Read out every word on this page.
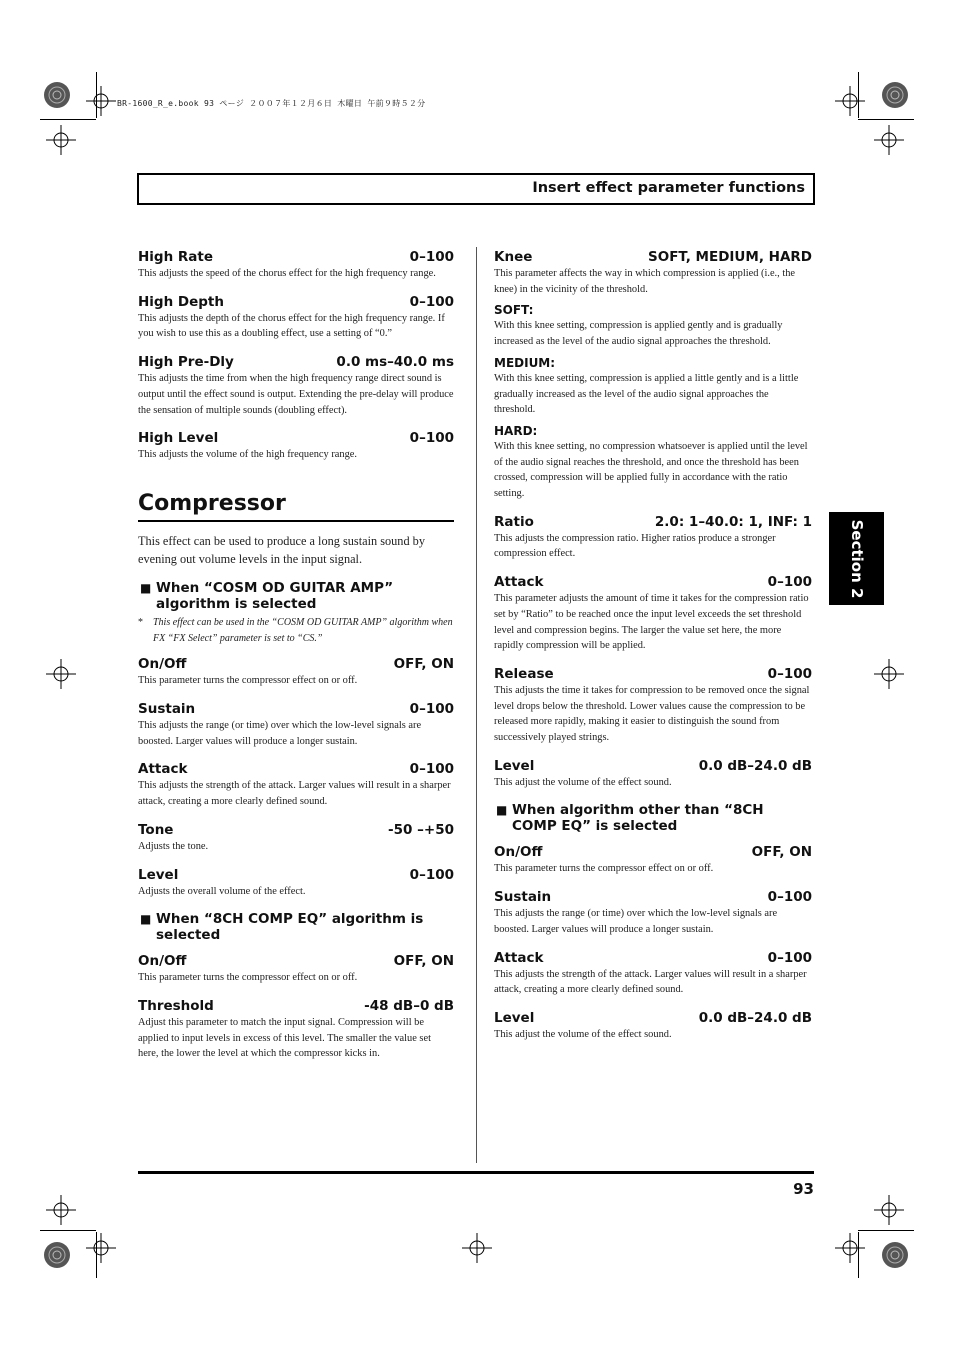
BR-1600_R_e.book 93 ページ ２００７年１２月６日 木曜日 午前９時５２分
Insert effect parameter functions
High Rate	0–100

This adjusts the speed of the chorus effect for the high frequency range.

High Depth	0–100

This adjusts the depth of the chorus effect for the high frequency range. If you wish to use this as a doubling effect, use a setting of “0.”

High Pre-Dly	0.0 ms–40.0 ms

This adjusts the time from when the high frequency range direct sound is output until the effect sound is output. Extending the pre-delay will produce the sensation of multiple sounds (doubling effect).

High Level	0–100

This adjusts the volume of the high frequency range.

Compressor

This effect can be used to produce a long sustain sound by evening out volume levels in the input signal.

■ When “COSM OD GUITAR AMP” algorithm is selected
*	This effect can be used in the “COSM OD GUITAR AMP” algorithm when FX “FX Select” parameter is set to “CS.”
On/Off	OFF, ON

This parameter turns the compressor effect on or off.

Sustain	0–100

This adjusts the range (or time) over which the low-level signals are boosted. Larger values will produce a longer sustain.

Attack	0–100

This adjusts the strength of the attack. Larger values will result in a sharper attack, creating a more clearly defined sound.

Tone	-50 –+50

Adjusts the tone.

Level	0–100

Adjusts the overall volume of the effect.

■ When “8CH COMP EQ” algorithm is selected
On/Off	OFF, ON

This parameter turns the compressor effect on or off.

Threshold	-48 dB–0 dB

Adjust this parameter to match the input signal. Compression will be applied to input levels in excess of this level. The smaller the value set here, the lower the level at which the compressor kicks in.

Knee	SOFT, MEDIUM, HARD

This parameter affects the way in which compression is applied (i.e., the knee) in the vicinity of the threshold.

SOFT:

With this knee setting, compression is applied gently and is gradually increased as the level of the audio signal approaches the threshold.

MEDIUM:

With this knee setting, compression is applied a little gently and is a little gradually increased as the level of the audio signal approaches the threshold.

HARD:

With this knee setting, no compression whatsoever is applied until the level of the audio signal reaches the threshold, and once the threshold has been crossed, compression will be applied fully in accordance with the ratio setting.

Ratio	2.0: 1–40.0: 1, INF: 1

This adjusts the compression ratio. Higher ratios produce a stronger compression effect.

Attack	0–100

This parameter adjusts the amount of time it takes for the compression ratio set by “Ratio” to be reached once the input level exceeds the set threshold level and compression begins. The larger the value set here, the more rapidly compression will be applied.

Release	0–100

This adjusts the time it takes for compression to be removed once the signal level drops below the threshold. Lower values cause the compression to be released more rapidly, making it easier to distinguish the sound from successively played strings.

Level	0.0 dB–24.0 dB

This adjust the volume of the effect sound.

■ When algorithm other than “8CH COMP EQ” is selected
On/Off	OFF, ON

This parameter turns the compressor effect on or off.

Sustain	0–100

This adjusts the range (or time) over which the low-level signals are boosted. Larger values will produce a longer sustain.

Attack	0–100

This adjusts the strength of the attack. Larger values will result in a sharper attack, creating a more clearly defined sound.

Level	0.0 dB–24.0 dB

This adjust the volume of the effect sound.

Section 2
93
